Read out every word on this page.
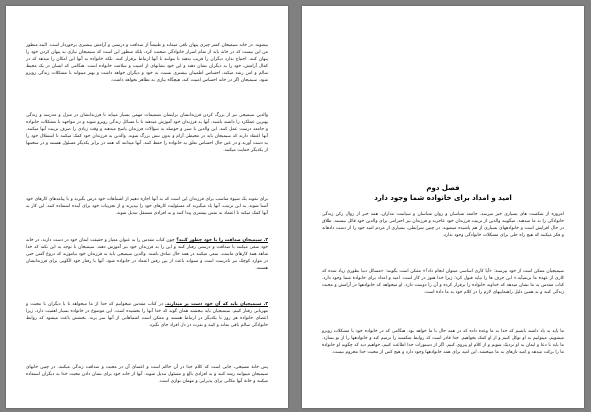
بیشوند. در خانه سیمیجان کمتر چیزی پنهان باقی میماند و طبیعتاً از صداقت و درستی و آرامش بیشتری برخوردار است. البته منظور من این نیست که در خانه باید از تمام اسرار خانوادگی صحبت کرد، بلکه منظور این است که سیمیجان نیازی به پنهان کردن خود را پنهان کنند. احتیاج ندارد دیگران را فریب بدهند تا بتوانند با آنها ارتباط برقرار کنند. بلکه خانواده به آنها این امکان را میدهد که در کمال آرامش، خود را به دیگران نشان دهند و این خود نشانهای از امنیت و سلامت خانواده است. هنگامی که انسان در یک محیط سالم و امن رشد میکند، احساس اطمینان بیشتری نسبت به خود و دیگران خواهد داشت و بهتر میتواند با مشکلات زندگی روبرو شود. سیمیجان اگر در خانه احساس امنیت کند، هیچگاه نیازی به تظاهر نخواهد داشت.

والدین سیمیجی نیز از بزرگ کردن فرزندانشان برایشان تصمیمات مهمی بسیار میباید تا فرزندانشان در منزل و مدرسه و زندگی بهترین عملکرد را داشته باشند. آنها به فرزندان خود آموزش میدهند تا با مسائل زندگی روبرو شوند و در مواجهه با مشکلات خانواده و جامعه درست عمل کنند. این والدین با صبر و حوصله به سؤالات فرزندان پاسخ میدهند و وقت زیادی را صرف تربیت آنها میکنند. آنها اعتقاد دارند که سیمیجان باید در محیطی آرام و بدون تنش بزرگ شوند. والدین به فرزندان خود کمک میکنند تا استقلال خود را به دست آورند و در عین حال احساس تعلق به خانواده را حفظ کنند. آنها میدانند که همه در برابر یکدیگر مسئول هستند و در سختیها از یکدیگر حمایت میکنند.

برای نمونه یک شیوهٔ مناسب برای فرزندان این است که به آنها اجازه دهیم از اشتباهات خود درس بگیرند و با پیامدهای کارهای خود آشنا شوند. به این ترتیب، آنها یاد میگیرند که مسئولیت کارهای خود را بپذیرند و از تجربیات خود برای آینده استفاده کنند. این کار به آنها کمک میکند تا اعتماد به نفس بیشتری پیدا کنند و به افرادی مستقل تبدیل شوند.

۲. سیمیجان صداقت را با خود چطور کنند؟ چون کتاب مقدس را به عنوان معیار و حقیقت ایمان خود در دست دارند، در خانه خود سعی میکنند با صداقت و درستی رفتار کنند و این را به فرزندان خود نیز آموزش دهند. سیمیجان با توجه به این نکته که خدا شاهد همهٔ کارهای ماست، سعی میکنند در همه حال صادق باشند. والدین سیمیجی باید به فرزندان خود بیاموزند که دروغ گفتن حتی در موارد کوچک نیز نادرست است و میتواند باعث از بین رفتن اعتماد در خانواده شود. آنها با رفتار خود الگویی برای فرزندانشان هستند.

۳. سیمیجیان باید که آن خود دست بر میدارند. در کتاب مقدس میخوانیم که خدا از ما میخواهد تا با دیگران با محبت و مهربانی رفتار کنیم. سیمیجیان باید ببخشند همان گونه که خدا آنها را بخشیده است. این موضوع در خانواده بسیار اهمیت دارد، زیرا اعضای خانواده هر روز با یکدیگر در ارتباط هستند و ممکن است اشتباهاتی از آنها سر بزند. بخشش باعث میشود که روابط خانوادگی سالم باقی بماند و کینه و نفرت در دل افراد جای نگیرد.

پس خانهٔ مسیحی، جایی است که کلام خدا در آن حاکم است و اعضای آن در محبت و صداقت زندگی میکنند. در چنین خانهای سیمیجان میتوانند رشد کنند و به افرادی بالغ و مسئول تبدیل شوند. آنها از خانه خود برای نشان دادن محبت خدا به دیگران استفاده میکنند و خانهٔ آنها مکانی برای پذیرایی و مهمان نوازی است.

فصل دوم
امید و امداد برای خانواده شما وجود دارد

امروزه از شکست های بسیاری خبر میرسد. جامعه شناسان و روان شناسان و سیاست مداران، همه خبر از زوال رکن زندگی خانوادگی را به ما میدهند. میگویند والدین از تربیت فرزندان خود عاجزند و فرزندان نیز احترامی برای والدین خود قائل نیستند. طلاق در حال افزایش است و خانوادههای بسیاری از هم پاشیده میشوند. در چنین شرایطی، بسیاری از مردم امید خود را از دست دادهاند و فکر میکنند که هیچ راه حلی برای مشکلات خانوادگی وجود ندارد.

سیمیجیان ممکن است از خود بپرسند: «آیا کاری اساسی میتوان انجام داد؟» ممکن است بگویند: «مسائل دنیا بطوری زیاد شده که کاری از عهدهٔ ما برنمیآید.» این حرف ها را نباید قبول کرد؛ زیرا خدا هنوز در کار است. امید و امداد برای خانوادهٔ شما وجود دارد. کتاب مقدس به ما نشان میدهد که خداوند خانواده را برقرار کرده و آن را دوست دارد. او میخواهد که خانوادهها در آرامش و محبت زندگی کنند و به همین دلیل راهنماییهای لازم را در کلام خود به ما داده است.

ما باید به یاد داشته باشیم که خدا به ما وعده داده که در همه حال با ما خواهد بود. هنگامی که در خانواده خود با مشکلات روبرو میشویم، میتوانیم به او توکل کنیم و از او کمک بخواهیم. خدا قادر است که روابط شکسته را ترمیم کند و خانوادهها را از نو بسازد. ما باید با دعا و ایمان به او نزدیک شویم و از کلام او پیروی کنیم. اگر از دستورات خدا اطاعت کنیم، خواهیم دید که چگونه او خانوادهٔ ما را برکت میدهد و امید تازهای به ما میبخشد. این امید برای همه خانوادهها وجود دارد و هیچ کس از محبت خدا محروم نیست.
